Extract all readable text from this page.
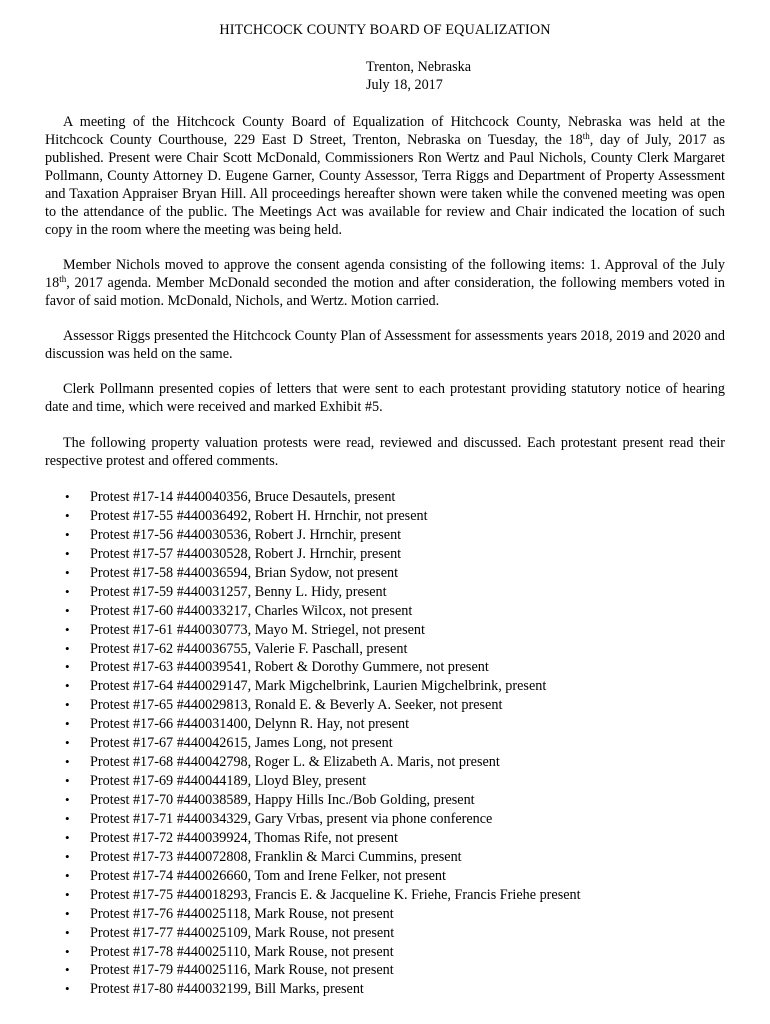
HITCHCOCK COUNTY BOARD OF EQUALIZATION
Trenton, Nebraska
July 18, 2017

A meeting of the Hitchcock County Board of Equalization of Hitchcock County, Nebraska was held at the Hitchcock County Courthouse, 229 East D Street, Trenton, Nebraska on Tuesday, the 18th, day of July, 2017 as published. Present were Chair Scott McDonald, Commissioners Ron Wertz and Paul Nichols, County Clerk Margaret Pollmann, County Attorney D. Eugene Garner, County Assessor, Terra Riggs and Department of Property Assessment and Taxation Appraiser Bryan Hill. All proceedings hereafter shown were taken while the convened meeting was open to the attendance of the public. The Meetings Act was available for review and Chair indicated the location of such copy in the room where the meeting was being held.

Member Nichols moved to approve the consent agenda consisting of the following items: 1. Approval of the July 18th, 2017 agenda. Member McDonald seconded the motion and after consideration, the following members voted in favor of said motion. McDonald, Nichols, and Wertz. Motion carried.

Assessor Riggs presented the Hitchcock County Plan of Assessment for assessments years 2018, 2019 and 2020 and discussion was held on the same.

Clerk Pollmann presented copies of letters that were sent to each protestant providing statutory notice of hearing date and time, which were received and marked Exhibit #5.

The following property valuation protests were read, reviewed and discussed. Each protestant present read their respective protest and offered comments.

• Protest #17-14 #440040356, Bruce Desautels, present
• Protest #17-55 #440036492, Robert H. Hrnchir, not present
• Protest #17-56 #440030536, Robert J. Hrnchir, present
• Protest #17-57 #440030528, Robert J. Hrnchir, present
• Protest #17-58 #440036594, Brian Sydow, not present
• Protest #17-59 #440031257, Benny L. Hidy, present
• Protest #17-60 #440033217, Charles Wilcox, not present
• Protest #17-61 #440030773, Mayo M. Striegel, not present
• Protest #17-62 #440036755, Valerie F. Paschall, present
• Protest #17-63 #440039541, Robert & Dorothy Gummere, not present
• Protest #17-64 #440029147, Mark Migchelbrink, Laurien Migchelbrink, present
• Protest #17-65 #440029813, Ronald E. & Beverly A. Seeker, not present
• Protest #17-66 #440031400, Delynn R. Hay, not present
• Protest #17-67 #440042615, James Long, not present
• Protest #17-68 #440042798, Roger L. & Elizabeth A. Maris, not present
• Protest #17-69 #440044189, Lloyd Bley, present
• Protest #17-70 #440038589, Happy Hills Inc./Bob Golding, present
• Protest #17-71 #440034329, Gary Vrbas, present via phone conference
• Protest #17-72 #440039924, Thomas Rife, not present
• Protest #17-73 #440072808, Franklin & Marci Cummins, present
• Protest #17-74 #440026660, Tom and Irene Felker, not present
• Protest #17-75 #440018293, Francis E. & Jacqueline K. Friehe, Francis Friehe present
• Protest #17-76 #440025118, Mark Rouse, not present
• Protest #17-77 #440025109, Mark Rouse, not present
• Protest #17-78 #440025110, Mark Rouse, not present
• Protest #17-79 #440025116, Mark Rouse, not present
• Protest #17-80 #440032199, Bill Marks, present
